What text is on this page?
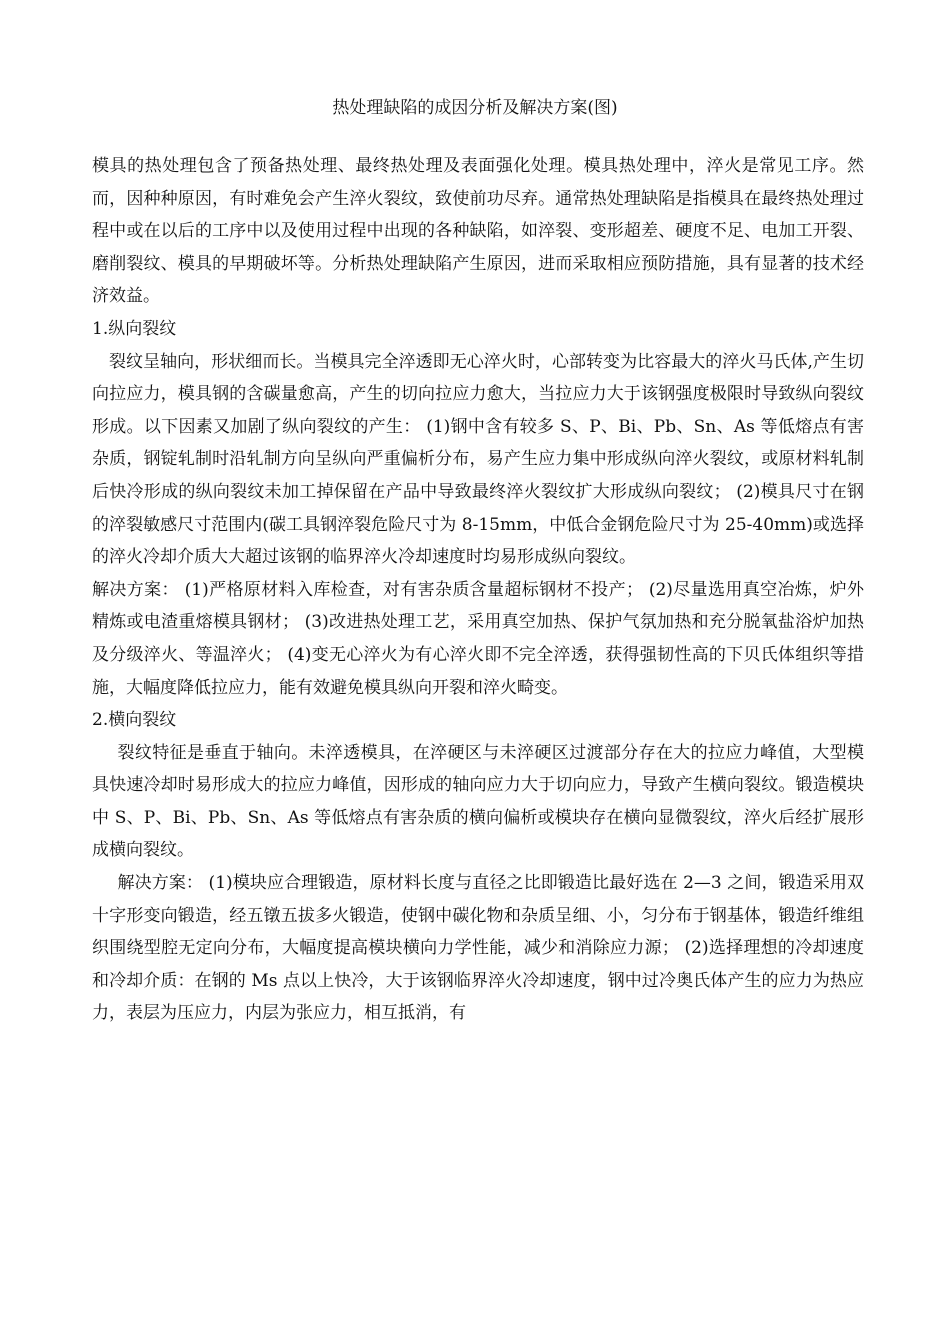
热处理缺陷的成因分析及解决方案(图)

模具的热处理包含了预备热处理、最终热处理及表面强化处理。模具热处理中，淬火是常见工序。然而，因种种原因，有时难免会产生淬火裂纹，致使前功尽弃。通常热处理缺陷是指模具在最终热处理过程中或在以后的工序中以及使用过程中出现的各种缺陷，如淬裂、变形超差、硬度不足、电加工开裂、磨削裂纹、模具的早期破坏等。分析热处理缺陷产生原因，进而采取相应预防措施，具有显著的技术经济效益。

1.纵向裂纹

裂纹呈轴向，形状细而长。当模具完全淬透即无心淬火时，心部转变为比容最大的淬火马氏体,产生切向拉应力，模具钢的含碳量愈高，产生的切向拉应力愈大，当拉应力大于该钢强度极限时导致纵向裂纹形成。以下因素又加剧了纵向裂纹的产生： (1)钢中含有较多 S、P、Bi、Pb、Sn、As 等低熔点有害杂质，钢锭轧制时沿轧制方向呈纵向严重偏析分布，易产生应力集中形成纵向淬火裂纹，或原材料轧制后快冷形成的纵向裂纹未加工掉保留在产品中导致最终淬火裂纹扩大形成纵向裂纹； (2)模具尺寸在钢的淬裂敏感尺寸范围内(碳工具钢淬裂危险尺寸为 8-15mm，中低合金钢危险尺寸为 25-40mm)或选择的淬火冷却介质大大超过该钢的临界淬火冷却速度时均易形成纵向裂纹。

解决方案： (1)严格原材料入库检查，对有害杂质含量超标钢材不投产； (2)尽量选用真空冶炼，炉外精炼或电渣重熔模具钢材； (3)改进热处理工艺，采用真空加热、保护气氛加热和充分脱氧盐浴炉加热及分级淬火、等温淬火； (4)变无心淬火为有心淬火即不完全淬透，获得强韧性高的下贝氏体组织等措施，大幅度降低拉应力，能有效避免模具纵向开裂和淬火畸变。

2.横向裂纹

裂纹特征是垂直于轴向。未淬透模具，在淬硬区与未淬硬区过渡部分存在大的拉应力峰值，大型模具快速冷却时易形成大的拉应力峰值，因形成的轴向应力大于切向应力，导致产生横向裂纹。锻造模块中 S、P、Bi、Pb、Sn、As 等低熔点有害杂质的横向偏析或模块存在横向显微裂纹，淬火后经扩展形成横向裂纹。

解决方案： (1)模块应合理锻造，原材料长度与直径之比即锻造比最好选在 2—3 之间，锻造采用双十字形变向锻造，经五镦五拔多火锻造，使钢中碳化物和杂质呈细、小，匀分布于钢基体，锻造纤维组织围绕型腔无定向分布，大幅度提高模块横向力学性能，减少和消除应力源； (2)选择理想的冷却速度和冷却介质：在钢的 Ms 点以上快冷，大于该钢临界淬火冷却速度，钢中过冷奥氏体产生的应力为热应力，表层为压应力，内层为张应力，相互抵消，有
